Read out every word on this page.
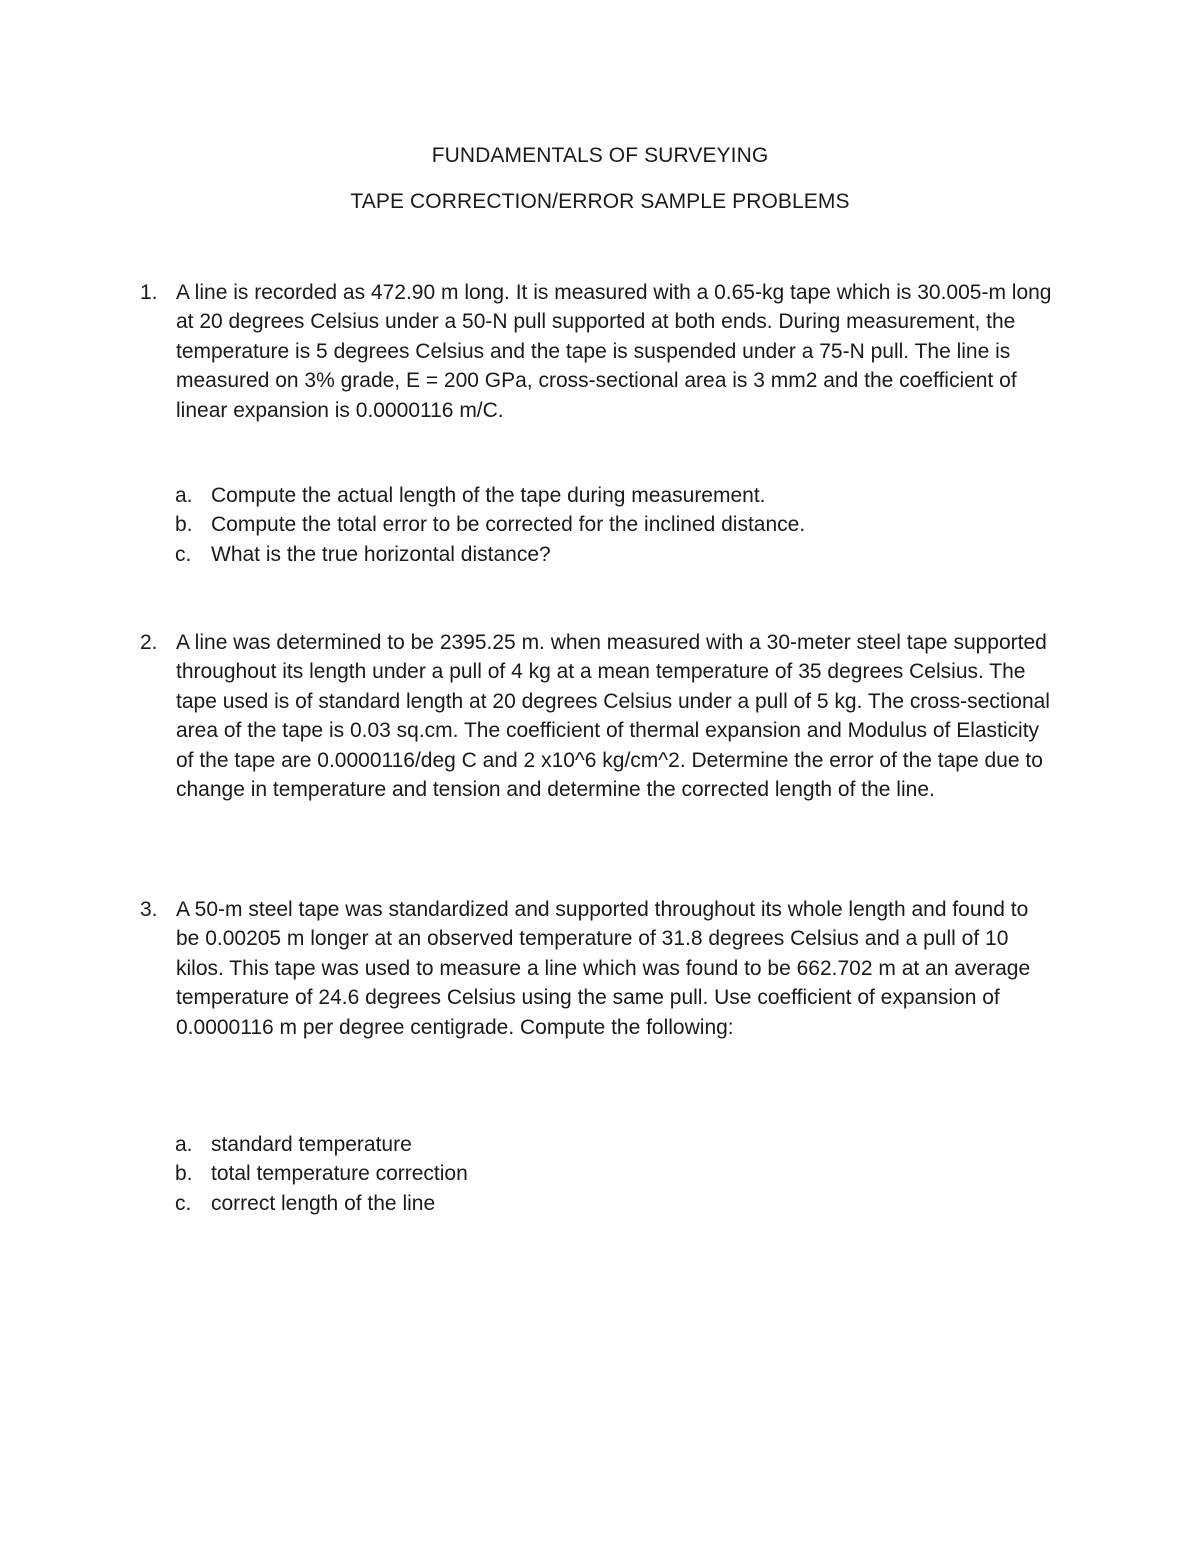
FUNDAMENTALS OF SURVEYING
TAPE CORRECTION/ERROR SAMPLE PROBLEMS
1. A line is recorded as 472.90 m long. It is measured with a 0.65-kg tape which is 30.005-m long at 20 degrees Celsius under a 50-N pull supported at both ends. During measurement, the temperature is 5 degrees Celsius and the tape is suspended under a 75-N pull. The line is measured on 3% grade, E = 200 GPa, cross-sectional area is 3 mm2 and the coefficient of linear expansion is 0.0000116 m/C.
a. Compute the actual length of the tape during measurement.
b. Compute the total error to be corrected for the inclined distance.
c. What is the true horizontal distance?
2. A line was determined to be 2395.25 m. when measured with a 30-meter steel tape supported throughout its length under a pull of 4 kg at a mean temperature of 35 degrees Celsius. The tape used is of standard length at 20 degrees Celsius under a pull of 5 kg. The cross-sectional area of the tape is 0.03 sq.cm. The coefficient of thermal expansion and Modulus of Elasticity of the tape are 0.0000116/deg C and 2 x10^6 kg/cm^2. Determine the error of the tape due to change in temperature and tension and determine the corrected length of the line.
3. A 50-m steel tape was standardized and supported throughout its whole length and found to be 0.00205 m longer at an observed temperature of 31.8 degrees Celsius and a pull of 10 kilos. This tape was used to measure a line which was found to be 662.702 m at an average temperature of 24.6 degrees Celsius using the same pull. Use coefficient of expansion of 0.0000116 m per degree centigrade. Compute the following:
a. standard temperature
b. total temperature correction
c. correct length of the line
